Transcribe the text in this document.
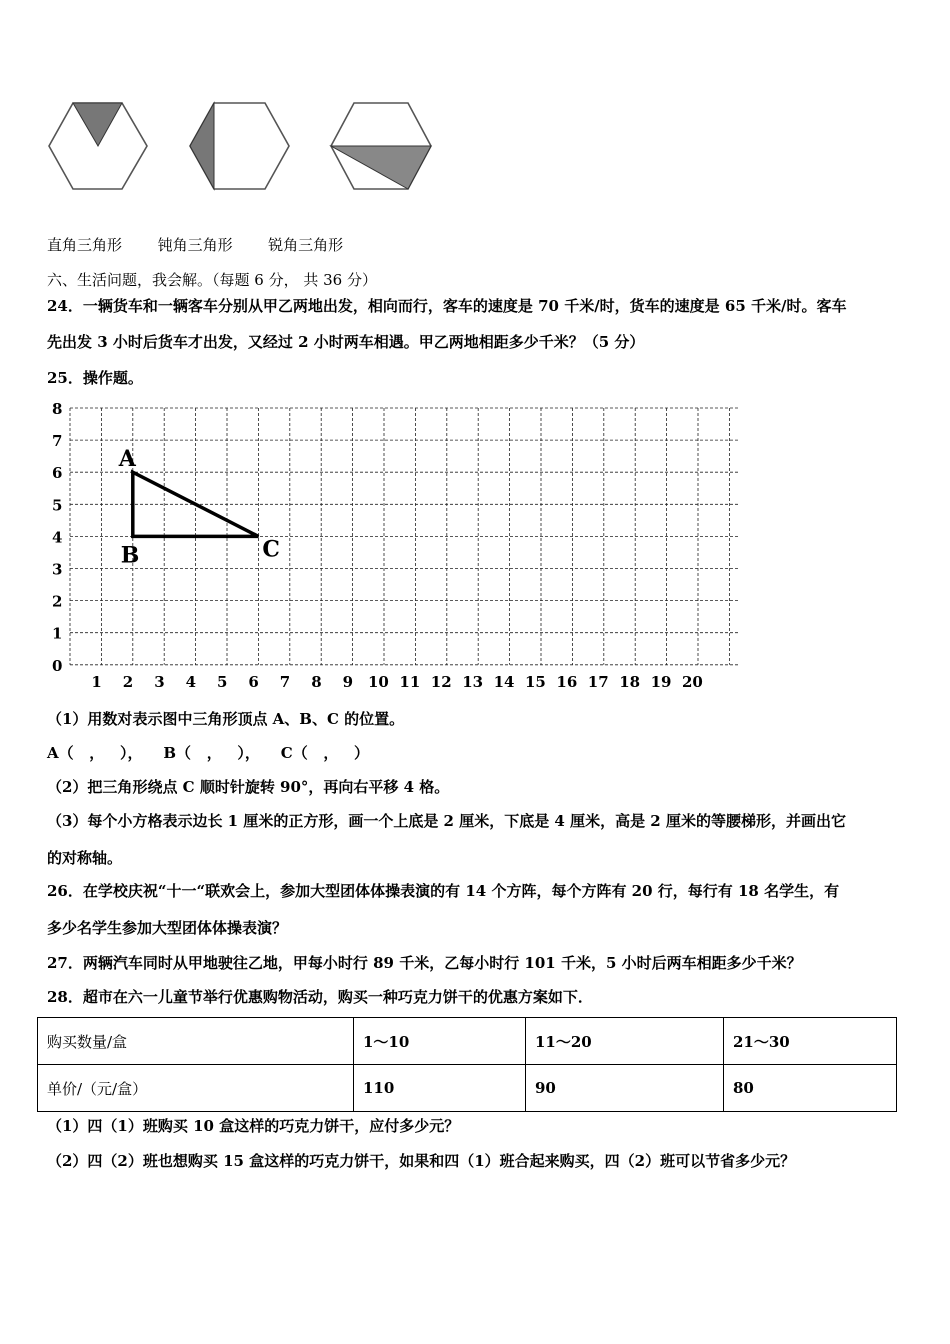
直角三角形 钝角三角形 锐角三角形
六、生活问题，我会解。（每题 6 分， 共 36 分）
24．一辆货车和一辆客车分别从甲乙两地出发，相向而行，客车的速度是 70 千米/时，货车的速度是 65 千米/时。客车
先出发 3 小时后货车才出发，又经过 2 小时两车相遇。甲乙两地相距多少千米？（5 分）
25．操作题。
1 2 3 4 5 6 7 8 9 10 11 12 13 14 15 16 17 18 19 20
0
1
2
3
4
5
6
7
8
A
B	C
（1）用数对表示图中三角形顶点 A、B、C 的位置。
A（   ，   ），    B（   ，   ），    C（   ，   ）
（2）把三角形绕点 C 顺时针旋转 90°，再向右平移 4 格。
（3）每个小方格表示边长 1 厘米的正方形，画一个上底是 2 厘米，下底是 4 厘米，高是 2 厘米的等腰梯形，并画出它
的对称轴。
26．在学校庆祝“十一“联欢会上，参加大型团体体操表演的有 14 个方阵，每个方阵有 20 行，每行有 18 名学生，有
多少名学生参加大型团体体操表演？
27．两辆汽车同时从甲地驶往乙地，甲每小时行 89 千米，乙每小时行 101 千米，5 小时后两车相距多少千米？
28．超市在六一儿童节举行优惠购物活动，购买一种巧克力饼干的优惠方案如下．
购买数量/盒	1～10	11～20	21～30
单价/（元/盒）	110	90	80
（1）四（1）班购买 10 盒这样的巧克力饼干，应付多少元？
（2）四（2）班也想购买 15 盒这样的巧克力饼干，如果和四（1）班合起来购买，四（2）班可以节省多少元？
